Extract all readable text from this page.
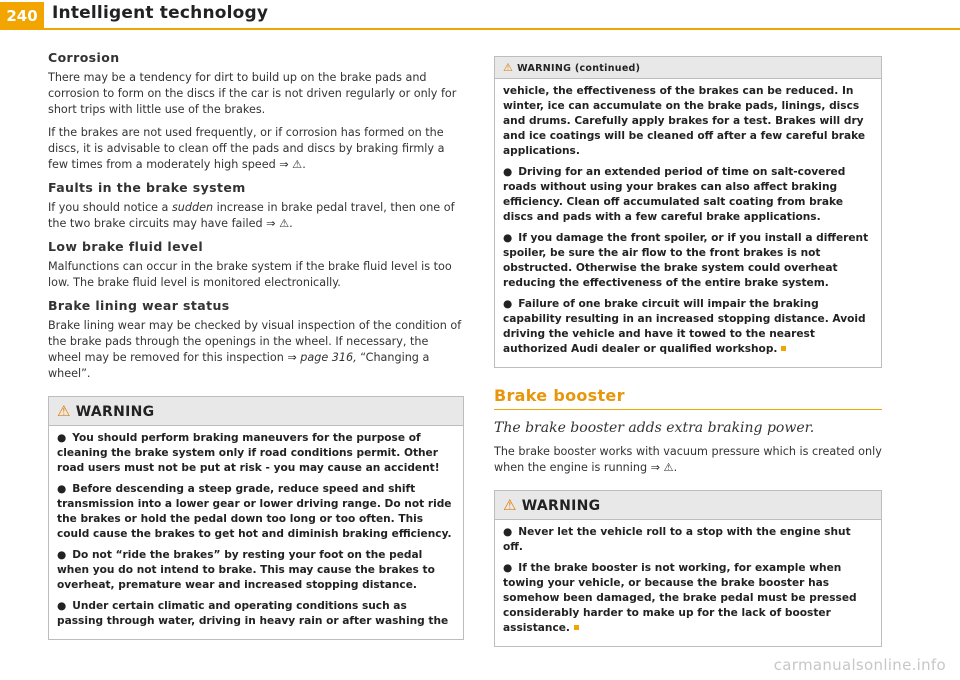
240 Intelligent technology
Corrosion

There may be a tendency for dirt to build up on the brake pads and corrosion to form on the discs if the car is not driven regularly or only for short trips with little use of the brakes.

If the brakes are not used frequently, or if corrosion has formed on the discs, it is advisable to clean off the pads and discs by braking firmly a few times from a moderately high speed ⇒ ⚠.

Faults in the brake system

If you should notice a sudden increase in brake pedal travel, then one of the two brake circuits may have failed ⇒ ⚠.

Low brake fluid level

Malfunctions can occur in the brake system if the brake fluid level is too low. The brake fluid level is monitored electronically.

Brake lining wear status

Brake lining wear may be checked by visual inspection of the condition of the brake pads through the openings in the wheel. If necessary, the wheel may be removed for this inspection ⇒ page 316, “Changing a wheel”.

⚠ WARNING

● You should perform braking maneuvers for the purpose of cleaning the brake system only if road conditions permit. Other road users must not be put at risk - you may cause an accident!

● Before descending a steep grade, reduce speed and shift transmission into a lower gear or lower driving range. Do not ride the brakes or hold the pedal down too long or too often. This could cause the brakes to get hot and diminish braking efficiency.

● Do not “ride the brakes” by resting your foot on the pedal when you do not intend to brake. This may cause the brakes to overheat, premature wear and increased stopping distance.

● Under certain climatic and operating conditions such as passing through water, driving in heavy rain or after washing the

⚠ WARNING (continued)

vehicle, the effectiveness of the brakes can be reduced. In winter, ice can accumulate on the brake pads, linings, discs and drums. Carefully apply brakes for a test. Brakes will dry and ice coatings will be cleaned off after a few careful brake applications.

● Driving for an extended period of time on salt-covered roads without using your brakes can also affect braking efficiency. Clean off accumulated salt coating from brake discs and pads with a few careful brake applications.

● If you damage the front spoiler, or if you install a different spoiler, be sure the air flow to the front brakes is not obstructed. Otherwise the brake system could overheat reducing the effectiveness of the entire brake system.

● Failure of one brake circuit will impair the braking capability resulting in an increased stopping distance. Avoid driving the vehicle and have it towed to the nearest authorized Audi dealer or qualified workshop.

Brake booster

The brake booster adds extra braking power.

The brake booster works with vacuum pressure which is created only when the engine is running ⇒ ⚠.

⚠ WARNING

● Never let the vehicle roll to a stop with the engine shut off.

● If the brake booster is not working, for example when towing your vehicle, or because the brake booster has somehow been damaged, the brake pedal must be pressed considerably harder to make up for the lack of booster assistance.

carmanualsonline.info
